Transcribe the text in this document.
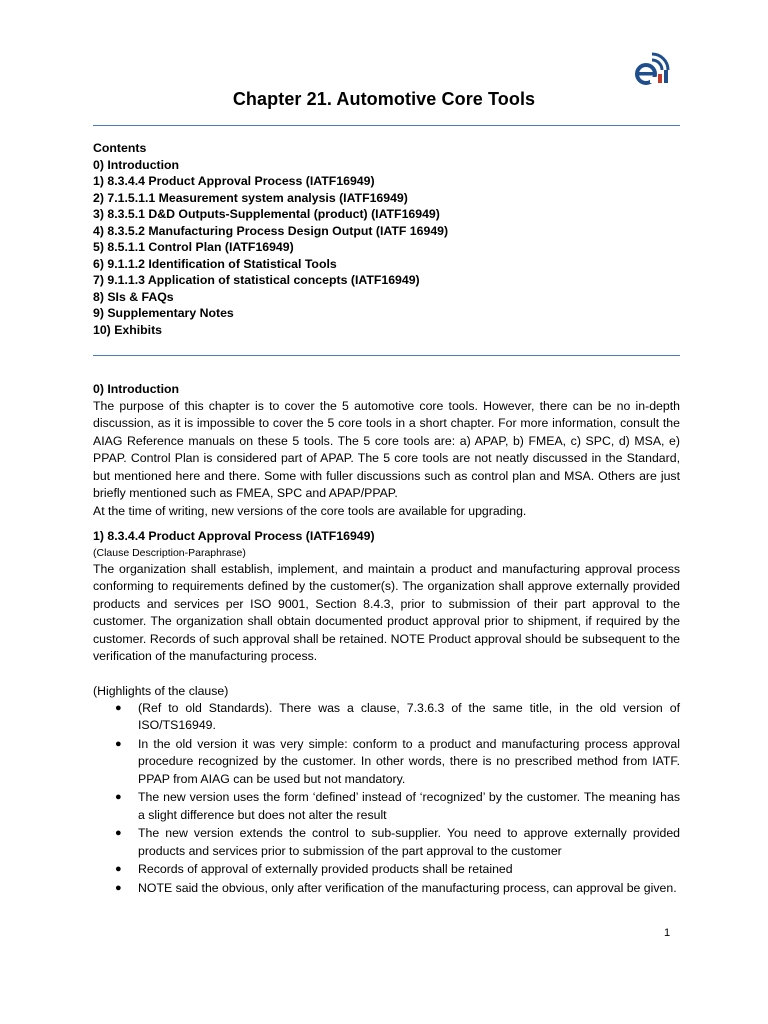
Chapter 21. Automotive Core Tools
Contents
0) Introduction
1) 8.3.4.4 Product Approval Process (IATF16949)
2) 7.1.5.1.1 Measurement system analysis (IATF16949)
3) 8.3.5.1 D&D Outputs-Supplemental (product) (IATF16949)
4) 8.3.5.2 Manufacturing Process Design Output (IATF 16949)
5) 8.5.1.1 Control Plan (IATF16949)
6) 9.1.1.2 Identification of Statistical Tools
7) 9.1.1.3 Application of statistical concepts (IATF16949)
8) SIs & FAQs
9) Supplementary Notes
10) Exhibits
0) Introduction

The purpose of this chapter is to cover the 5 automotive core tools. However, there can be no in-depth discussion, as it is impossible to cover the 5 core tools in a short chapter. For more information, consult the AIAG Reference manuals on these 5 tools. The 5 core tools are: a) APAP, b) FMEA, c) SPC, d) MSA, e) PPAP. Control Plan is considered part of APAP. The 5 core tools are not neatly discussed in the Standard, but mentioned here and there. Some with fuller discussions such as control plan and MSA. Others are just briefly mentioned such as FMEA, SPC and APAP/PPAP.

At the time of writing, new versions of the core tools are available for upgrading.

1) 8.3.4.4 Product Approval Process (IATF16949)

(Clause Description-Paraphrase)

The organization shall establish, implement, and maintain a product and manufacturing approval process conforming to requirements defined by the customer(s). The organization shall approve externally provided products and services per ISO 9001, Section 8.4.3, prior to submission of their part approval to the customer. The organization shall obtain documented product approval prior to shipment, if required by the customer. Records of such approval shall be retained. NOTE Product approval should be subsequent to the verification of the manufacturing process.

(Highlights of the clause)

● (Ref to old Standards). There was a clause, 7.3.6.3 of the same title, in the old version of ISO/TS16949.
● In the old version it was very simple: conform to a product and manufacturing process approval procedure recognized by the customer. In other words, there is no prescribed method from IATF. PPAP from AIAG can be used but not mandatory.
● The new version uses the form ‘defined’ instead of ‘recognized’ by the customer. The meaning has a slight difference but does not alter the result
● The new version extends the control to sub-supplier. You need to approve externally provided products and services prior to submission of the part approval to the customer
● Records of approval of externally provided products shall be retained
● NOTE said the obvious, only after verification of the manufacturing process, can approval be given.
1
